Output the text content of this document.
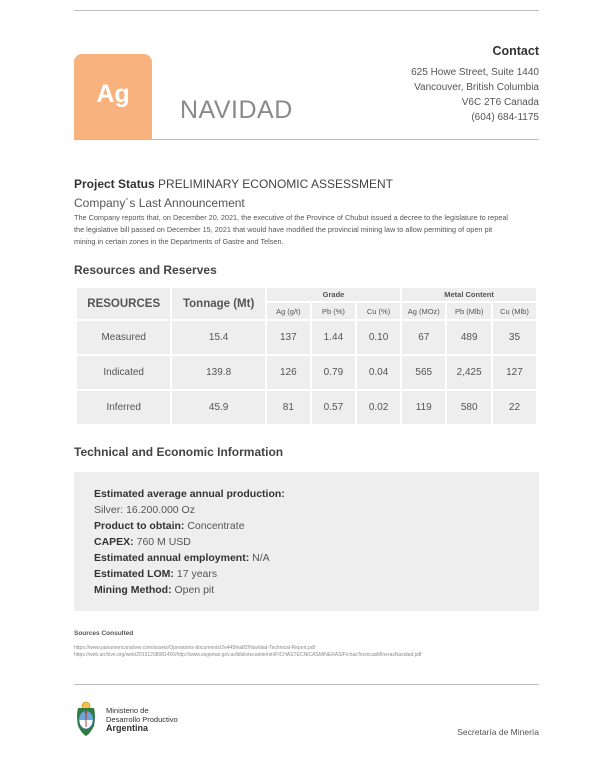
Ag
NAVIDAD
Contact
625 Howe Street, Suite 1440
Vancouver, British Columbia
V6C 2T6 Canada
(604) 684-1175
Project Status PRELIMINARY ECONOMIC ASSESSMENT
Company´s Last Announcement
The Company reports that, on December 20, 2021, the executive of the Province of Chubut issued a decree to the legislature to repeal the legislative bill passed on December 15, 2021 that would have modified the provincial mining law to allow permitting of open pit mining in certain zones in the Departments of Gastre and Telsen.
Resources and Reserves
RESOURCES	Tonnage (Mt)	Grade			Metal Content		
		Ag (g/t)	Pb (%)	Cu (%)	Ag (MOz)	Pb (Mlb)	Cu (Mlb)
Measured	15.4	137	1.44	0.10	67	489	35
Indicated	139.8	126	0.79	0.04	565	2,425	127
Inferred	45.9	81	0.57	0.02	119	580	22
Technical and Economic Information
Estimated average annual production:
Silver: 16.200.000 Oz
Product to obtain: Concentrate
CAPEX: 760 M USD
Estimated annual employment: N/A
Estimated LOM: 17 years
Mining Method: Open pit
Sources Consulted
https://www.panamericansilver.com/assets/Operations-documents/2e445fea82/Navidad-Technical-Report.pdf
https://web.archive.org/web/20151208081400/http://www.segemar.gov.ar/bibliotecaintemin/FICHASTECNICASMINERAS/FichasTecnicasMinerasNavidad.pdf
Ministerio de
Desarrollo Productivo
Argentina	Secretaría de Minería
